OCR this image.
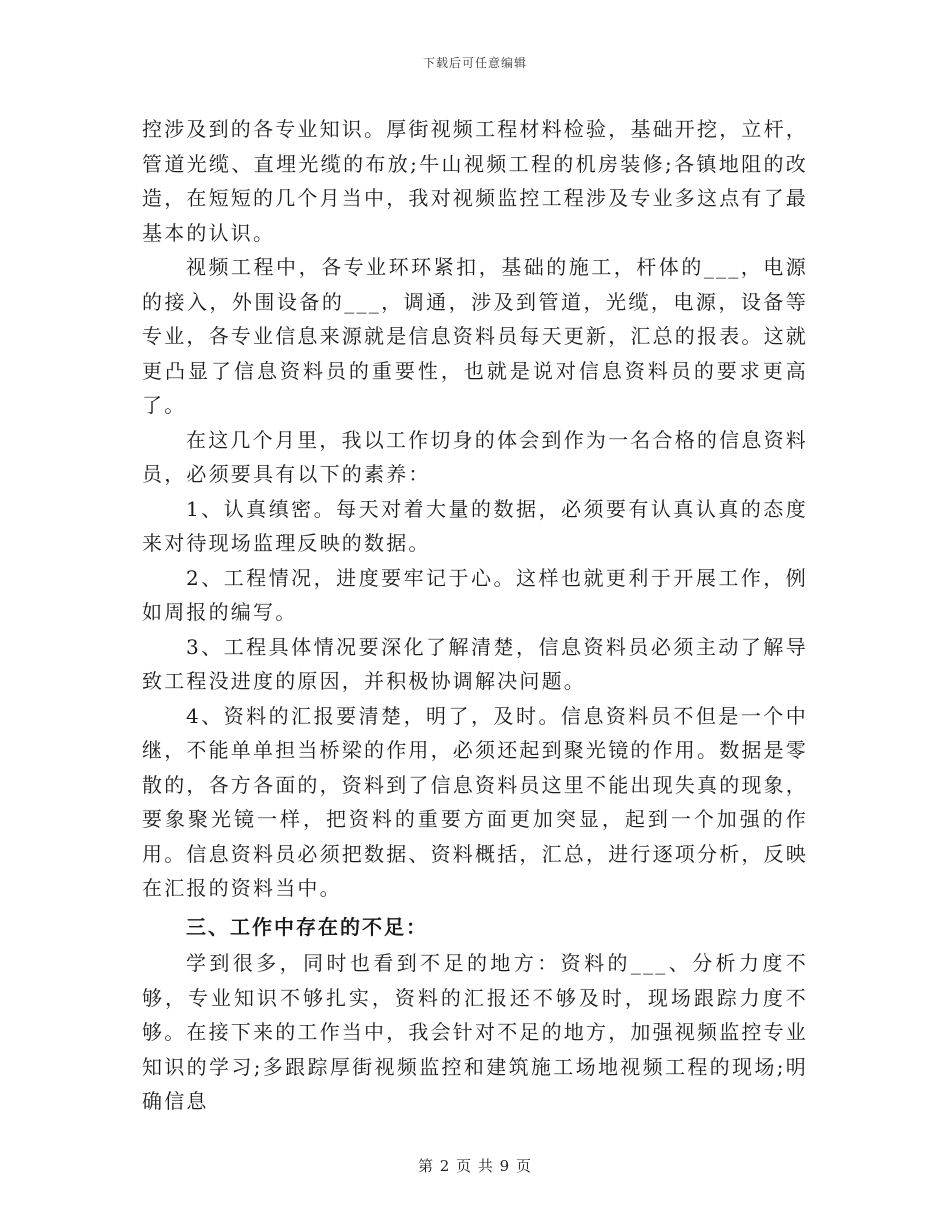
下载后可任意编辑

控涉及到的各专业知识。厚街视频工程材料检验，基础开挖，立杆，管道光缆、直埋光缆的布放;牛山视频工程的机房装修;各镇地阻的改造，在短短的几个月当中，我对视频监控工程涉及专业多这点有了最基本的认识。

视频工程中，各专业环环紧扣，基础的施工，杆体的___，电源的接入，外围设备的___，调通，涉及到管道，光缆，电源，设备等专业，各专业信息来源就是信息资料员每天更新，汇总的报表。这就更凸显了信息资料员的重要性，也就是说对信息资料员的要求更高了。

在这几个月里，我以工作切身的体会到作为一名合格的信息资料员，必须要具有以下的素养：

1、认真缜密。每天对着大量的数据，必须要有认真认真的态度来对待现场监理反映的数据。

2、工程情况，进度要牢记于心。这样也就更利于开展工作，例如周报的编写。

3、工程具体情况要深化了解清楚，信息资料员必须主动了解导致工程没进度的原因，并积极协调解决问题。

4、资料的汇报要清楚，明了，及时。信息资料员不但是一个中继，不能单单担当桥梁的作用，必须还起到聚光镜的作用。数据是零散的，各方各面的，资料到了信息资料员这里不能出现失真的现象，要象聚光镜一样，把资料的重要方面更加突显，起到一个加强的作用。信息资料员必须把数据、资料概括，汇总，进行逐项分析，反映在汇报的资料当中。

三、工作中存在的不足：

学到很多，同时也看到不足的地方：资料的___、分析力度不够，专业知识不够扎实，资料的汇报还不够及时，现场跟踪力度不够。在接下来的工作当中，我会针对不足的地方，加强视频监控专业知识的学习;多跟踪厚街视频监控和建筑施工场地视频工程的现场;明确信息

第 2 页 共 9 页
